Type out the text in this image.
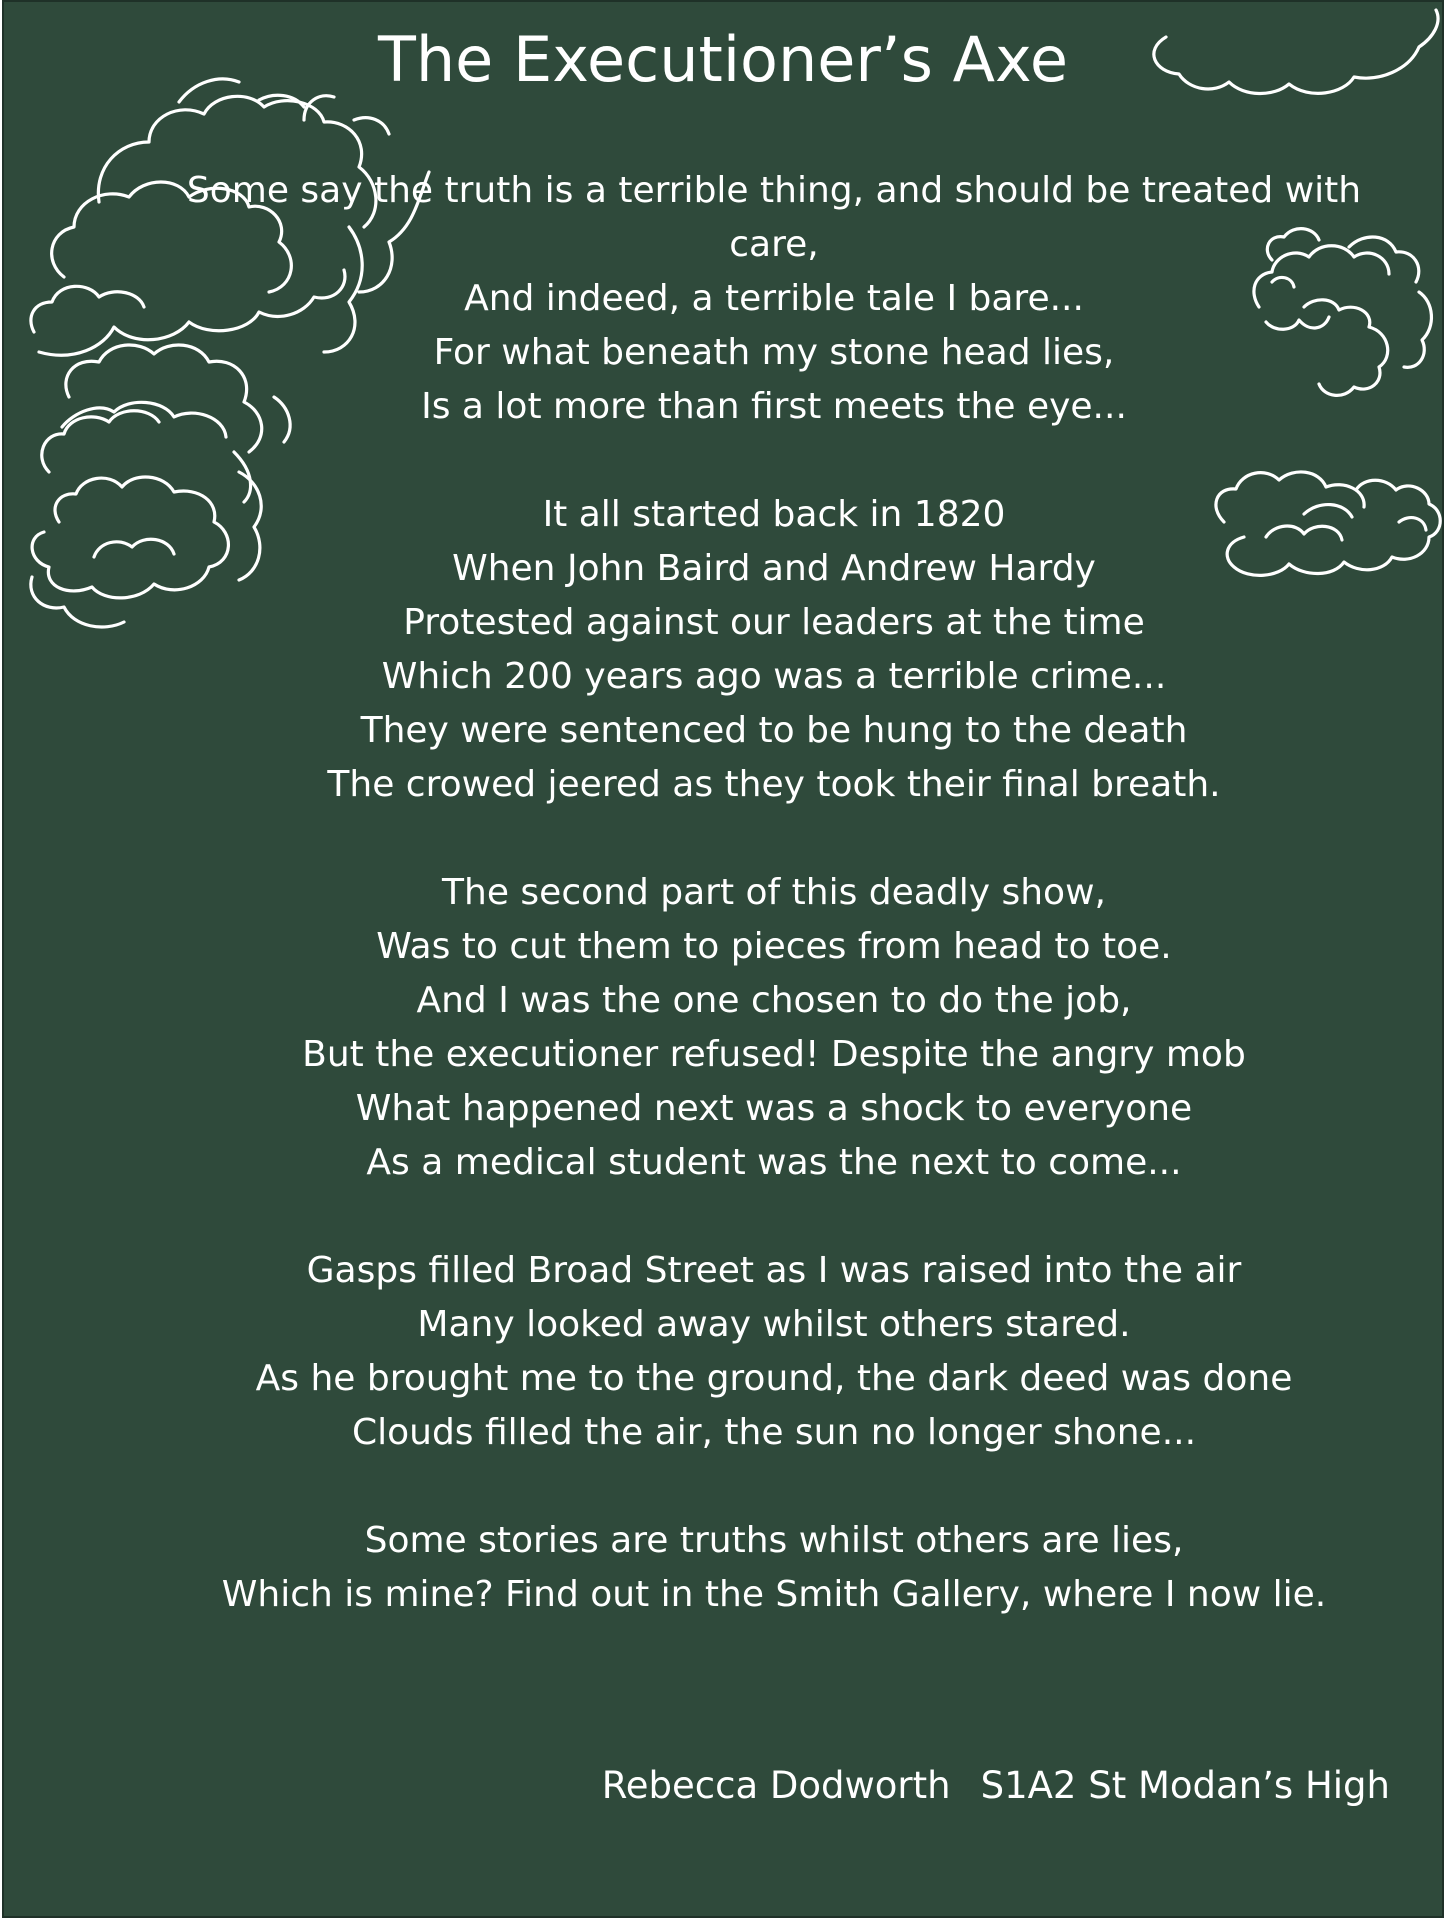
The Executioner’s Axe
Some say the truth is a terrible thing, and should be treated with care,
And indeed, a terrible tale I bare...
For what beneath my stone head lies,
Is a lot more than first meets the eye...
It all started back in 1820
When John Baird and Andrew Hardy
Protested against our leaders at the time
Which 200 years ago was a terrible crime...
They were sentenced to be hung to the death
The crowed jeered as they took their final breath.
The second part of this deadly show,
Was to cut them to pieces from head to toe.
And I was the one chosen to do the job,
But the executioner refused! Despite the angry mob
What happened next was a shock to everyone
As a medical student was the next to come...
Gasps filled Broad Street as I was raised into the air
Many looked away whilst others stared.
As he brought me to the ground, the dark deed was done
Clouds filled the air, the sun no longer shone...
Some stories are truths whilst others are lies,
Which is mine? Find out in the Smith Gallery, where I now lie.
Rebecca Dodworth S1A2 St Modan’s High
